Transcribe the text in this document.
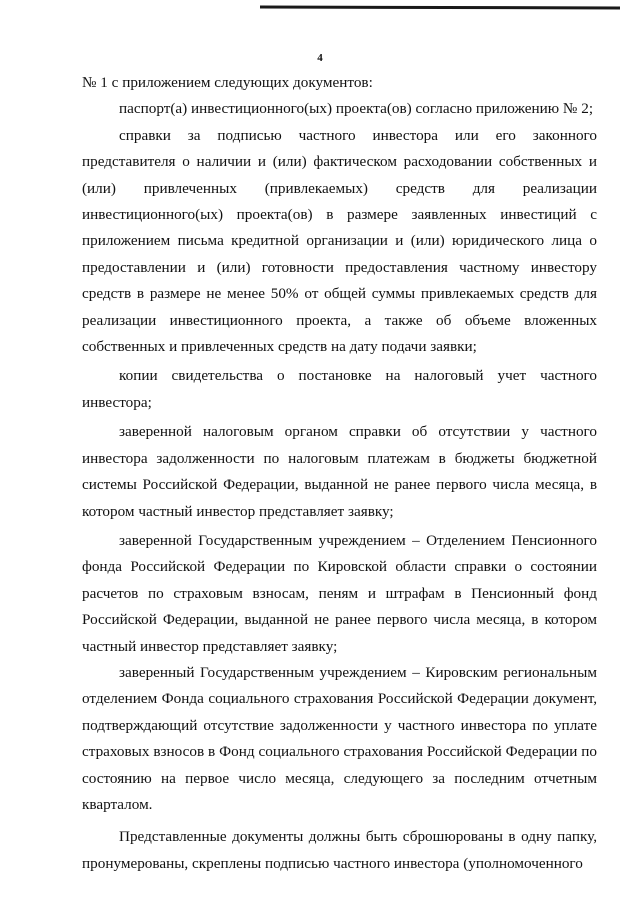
4

№ 1 с приложением следующих документов:

паспорт(а) инвестиционного(ых) проекта(ов) согласно приложению № 2;

справки за подписью частного инвестора или его законного представителя о наличии и (или) фактическом расходовании собственных и (или) привлеченных (привлекаемых) средств для реализации инвестиционного(ых) проекта(ов) в размере заявленных инвестиций с приложением письма кредитной организации и (или) юридического лица о предоставлении и (или) готовности предоставления частному инвестору средств в размере не менее 50% от общей суммы привлекаемых средств для реализации инвестиционного проекта, а также об объеме вложенных собственных и привлеченных средств на дату подачи заявки;

копии свидетельства о постановке на налоговый учет частного инвестора;

заверенной налоговым органом справки об отсутствии у частного инвестора задолженности по налоговым платежам в бюджеты бюджетной системы Российской Федерации, выданной не ранее первого числа месяца, в котором частный инвестор представляет заявку;

заверенной Государственным учреждением – Отделением Пенсионного фонда Российской Федерации по Кировской области справки о состоянии расчетов по страховым взносам, пеням и штрафам в Пенсионный фонд Российской Федерации, выданной не ранее первого числа месяца, в котором частный инвестор представляет заявку;

заверенный Государственным учреждением – Кировским региональным отделением Фонда социального страхования Российской Федерации документ, подтверждающий отсутствие задолженности у частного инвестора по уплате страховых взносов в Фонд социального страхования Российской Федерации по состоянию на первое число месяца, следующего за последним отчетным кварталом.

Представленные документы должны быть сброшюрованы в одну папку, пронумерованы, скреплены подписью частного инвестора (уполномоченного
